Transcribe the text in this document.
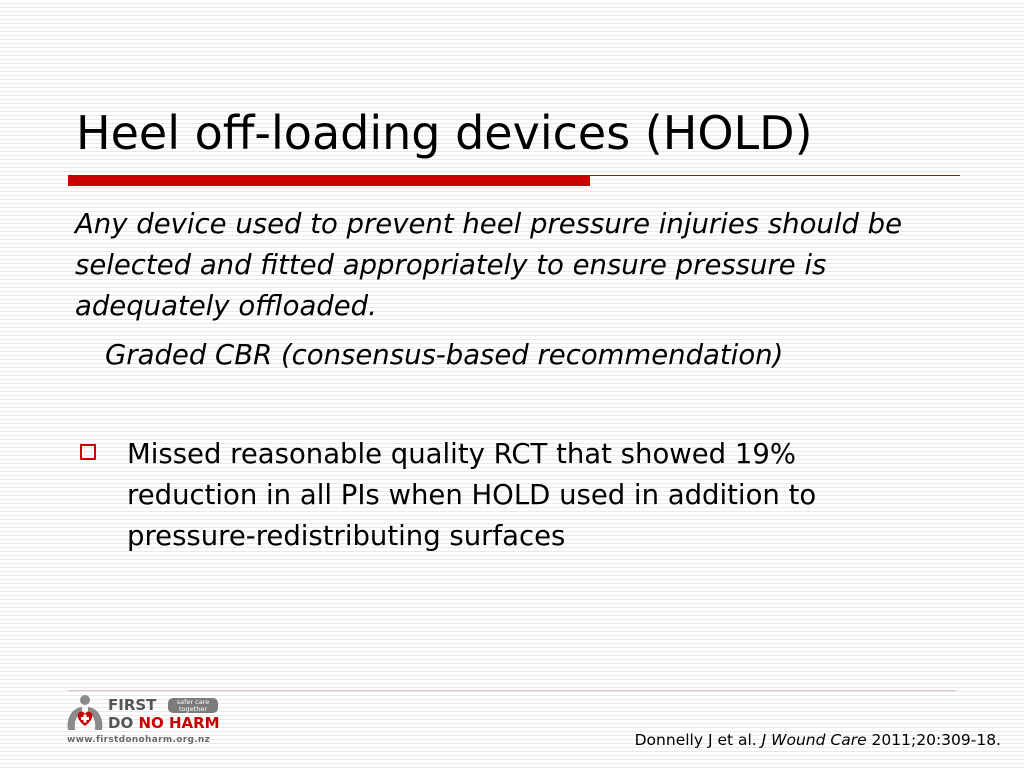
Heel off-loading devices (HOLD)

Any device used to prevent heel pressure injuries should be selected and fitted appropriately to ensure pressure is adequately offloaded.

Graded CBR (consensus-based recommendation)

Missed reasonable quality RCT that showed 19% reduction in all PIs when HOLD used in addition to pressure-redistributing surfaces

FIRST
DO NO HARM
safer care together
www.firstdonoharm.org.nz	Donnelly J et al. J Wound Care 2011;20:309-18.
